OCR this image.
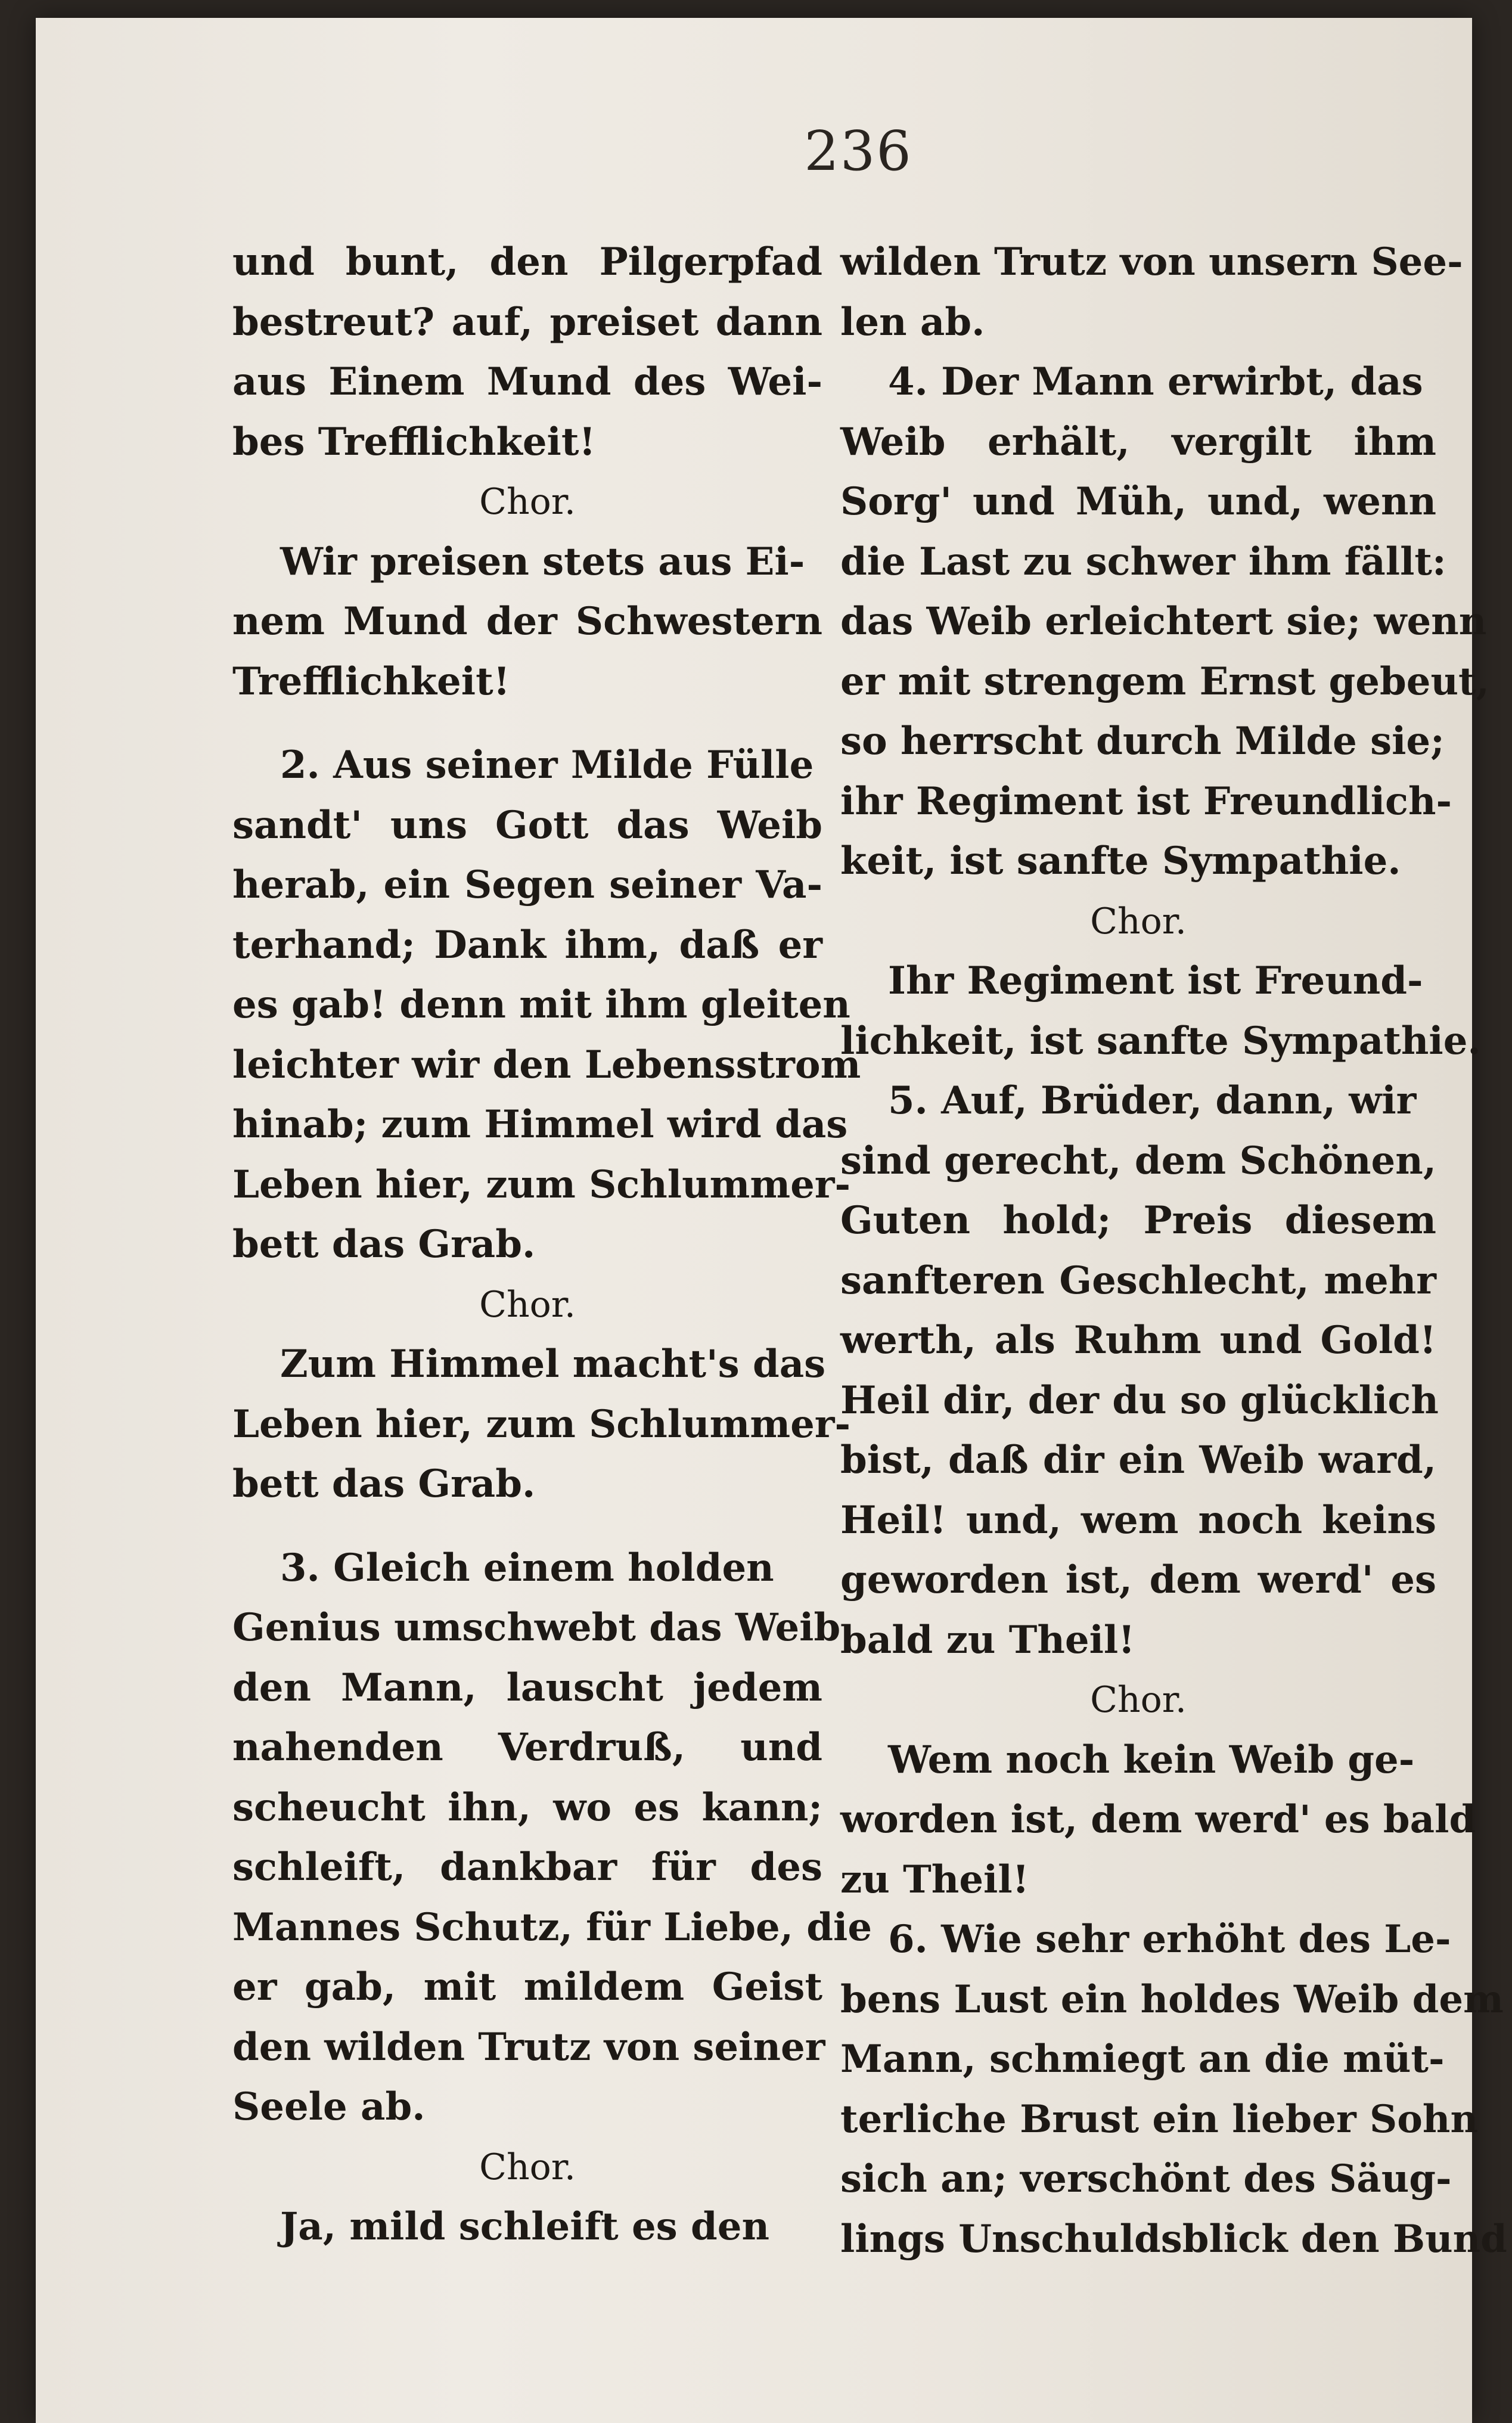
236
und bunt, den Pilgerpfad
bestreut? auf, preiset dann
aus Einem Mund des Wei-
bes Trefflichkeit!
Chor.
Wir preisen stets aus Ei-
nem Mund der Schwestern
Trefflichkeit!
2. Aus seiner Milde Fülle
sandt' uns Gott das Weib
herab, ein Segen seiner Va-
terhand; Dank ihm, daß er
es gab! denn mit ihm gleiten
leichter wir den Lebensstrom
hinab; zum Himmel wird das
Leben hier, zum Schlummer-
bett das Grab.
Chor.
Zum Himmel macht's das
Leben hier, zum Schlummer-
bett das Grab.
3. Gleich einem holden
Genius umschwebt das Weib
den Mann, lauscht jedem
nahenden Verdruß, und
scheucht ihn, wo es kann;
schleift, dankbar für des
Mannes Schutz, für Liebe, die
er gab, mit mildem Geist
den wilden Trutz von seiner
Seele ab.
Chor.
Ja, mild schleift es den
wilden Trutz von unsern See-
len ab.
4. Der Mann erwirbt, das
Weib erhält, vergilt ihm
Sorg' und Müh, und, wenn
die Last zu schwer ihm fällt:
das Weib erleichtert sie; wenn
er mit strengem Ernst gebeut,
so herrscht durch Milde sie;
ihr Regiment ist Freundlich-
keit, ist sanfte Sympathie.
Chor.
Ihr Regiment ist Freund-
lichkeit, ist sanfte Sympathie.
5. Auf, Brüder, dann, wir
sind gerecht, dem Schönen,
Guten hold; Preis diesem
sanfteren Geschlecht, mehr
werth, als Ruhm und Gold!
Heil dir, der du so glücklich
bist, daß dir ein Weib ward,
Heil! und, wem noch keins
geworden ist, dem werd' es
bald zu Theil!
Chor.
Wem noch kein Weib ge-
worden ist, dem werd' es bald
zu Theil!
6. Wie sehr erhöht des Le-
bens Lust ein holdes Weib dem
Mann, schmiegt an die müt-
terliche Brust ein lieber Sohn
sich an; verschönt des Säug-
lings Unschuldsblick den Bund
